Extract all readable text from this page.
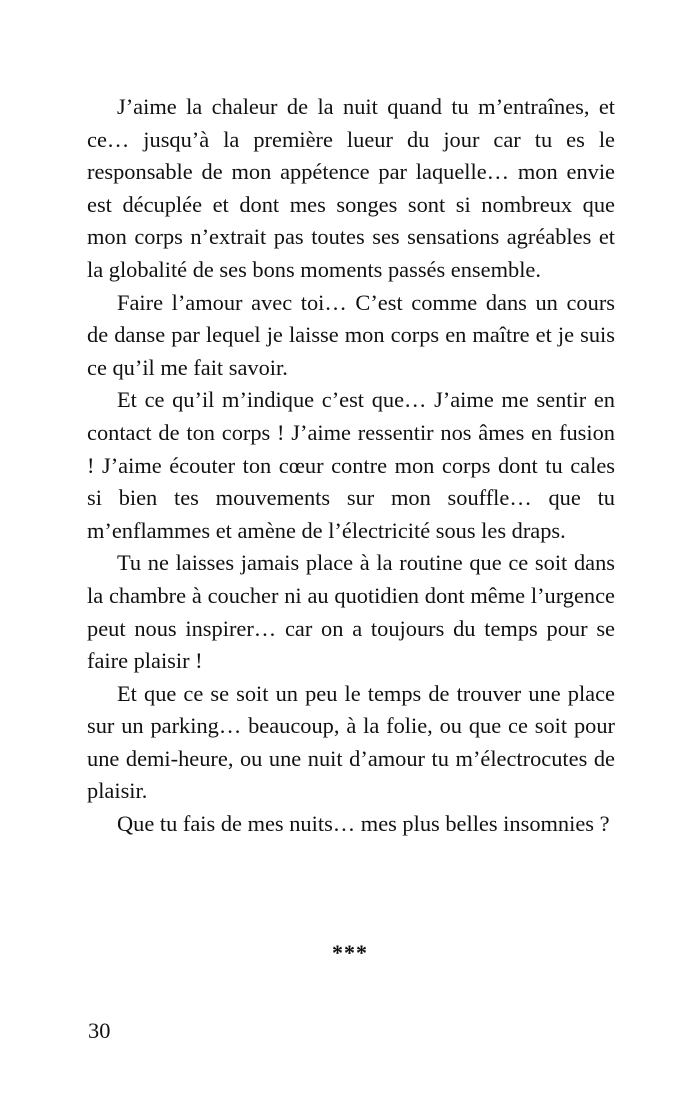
J’aime la chaleur de la nuit quand tu m’entraînes, et ce… jusqu’à la première lueur du jour car tu es le responsable de mon appétence par laquelle… mon envie est décuplée et dont mes songes sont si nombreux que mon corps n’extrait pas toutes ses sensations agréables et la globalité de ses bons moments passés ensemble.

Faire l’amour avec toi… C’est comme dans un cours de danse par lequel je laisse mon corps en maître et je suis ce qu’il me fait savoir.

Et ce qu’il m’indique c’est que… J’aime me sentir en contact de ton corps ! J’aime ressentir nos âmes en fusion ! J’aime écouter ton cœur contre mon corps dont tu cales si bien tes mouvements sur mon souffle… que tu m’enflammes et amène de l’électricité sous les draps.

Tu ne laisses jamais place à la routine que ce soit dans la chambre à coucher ni au quotidien dont même l’urgence peut nous inspirer… car on a toujours du temps pour se faire plaisir !

Et que ce se soit un peu le temps de trouver une place sur un parking… beaucoup, à la folie, ou que ce soit pour une demi-heure, ou une nuit d’amour tu m’électrocutes de plaisir.

Que tu fais de mes nuits… mes plus belles insomnies ?

***
30
